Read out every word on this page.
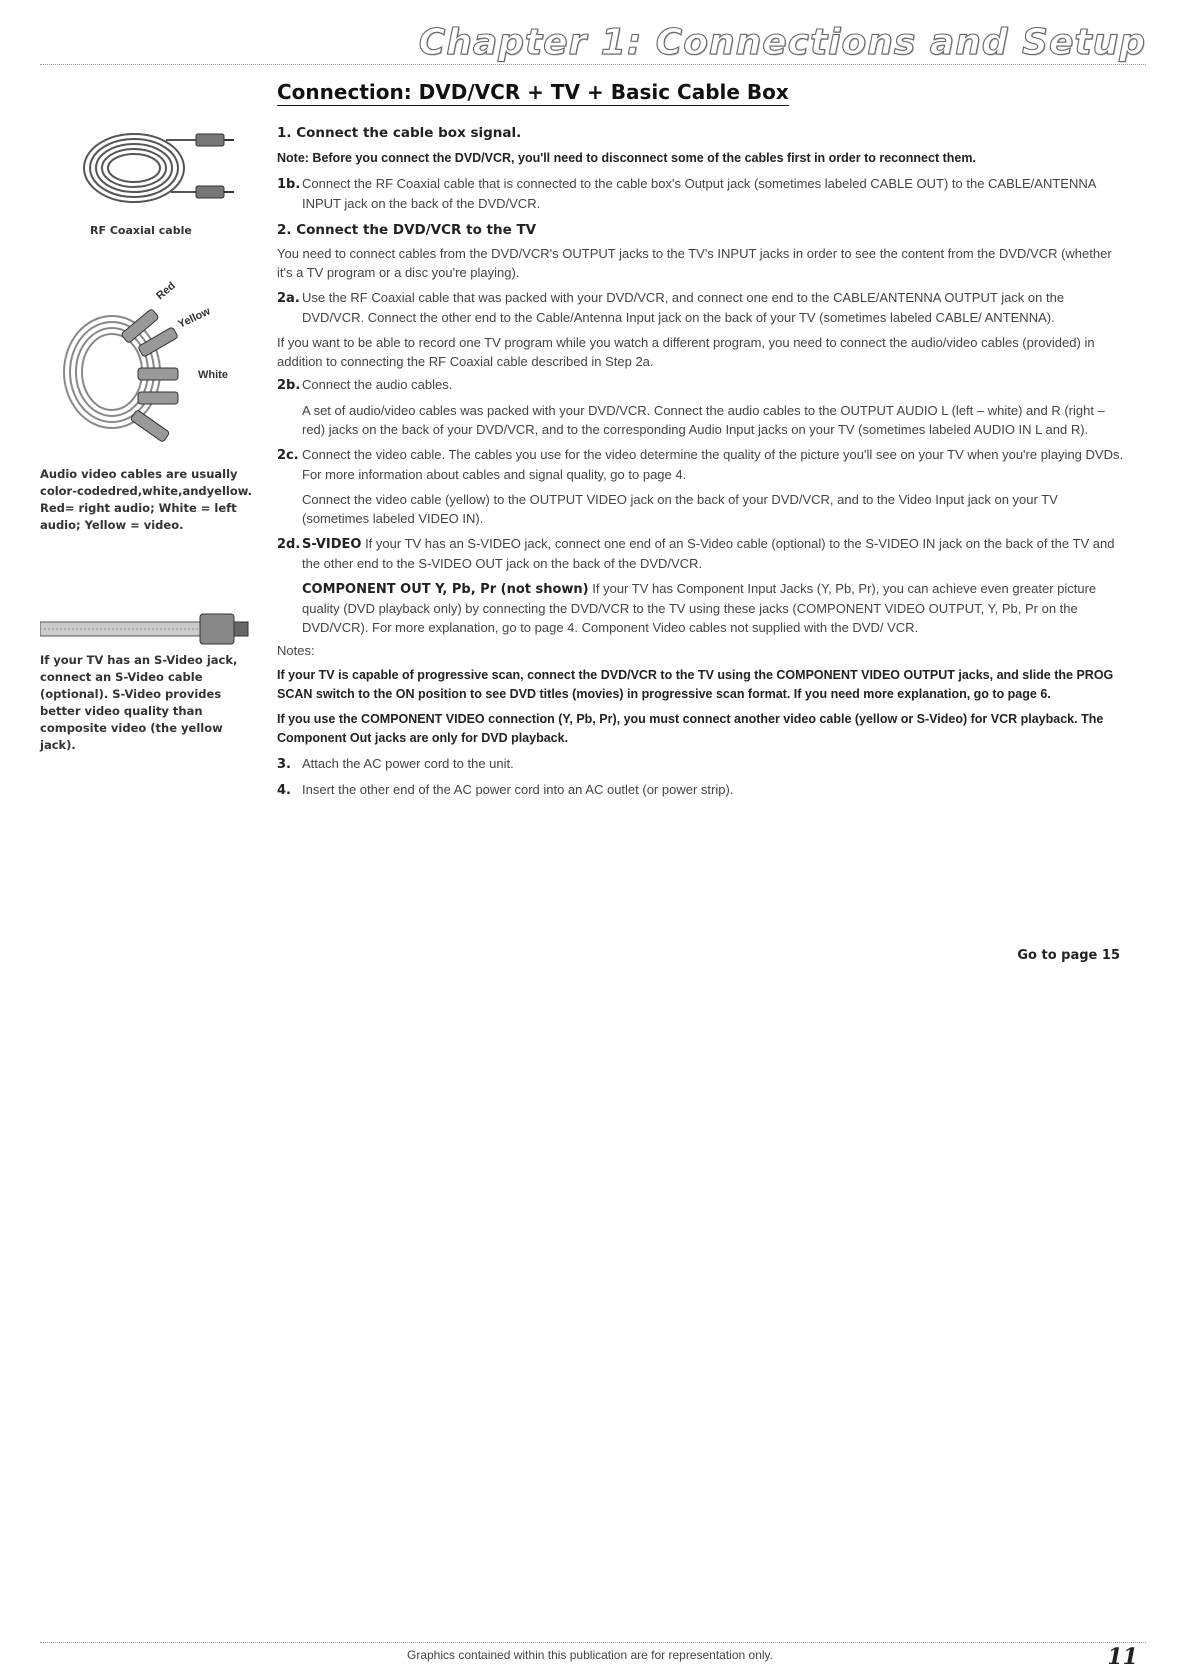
Chapter 1: Connections and Setup
Connection: DVD/VCR + TV + Basic Cable Box
RF Coaxial cable
Red
Yellow
White
Audio video cables are usually color-codedred,white,andyellow. Red= right audio; White = left audio; Yellow = video.
If your TV has an S-Video jack, connect an S-Video cable (optional). S-Video provides better video quality than composite video (the yellow jack).

1. Connect the cable box signal.

Note: Before you connect the DVD/VCR, you'll need to disconnect some of the cables first in order to reconnect them.

1b. Connect the RF Coaxial cable that is connected to the cable box's Output jack (sometimes labeled CABLE OUT) to the CABLE/ANTENNA INPUT jack on the back of the DVD/VCR.

2. Connect the DVD/VCR to the TV

You need to connect cables from the DVD/VCR's OUTPUT jacks to the TV's INPUT jacks in order to see the content from the DVD/VCR (whether it's a TV program or a disc you're playing).

2a. Use the RF Coaxial cable that was packed with your DVD/VCR, and connect one end to the CABLE/ANTENNA OUTPUT jack on the DVD/VCR. Connect the other end to the Cable/Antenna Input jack on the back of your TV (sometimes labeled CABLE/ ANTENNA).

If you want to be able to record one TV program while you watch a different program, you need to connect the audio/video cables (provided) in addition to connecting the RF Coaxial cable described in Step 2a.

2b. Connect the audio cables.

A set of audio/video cables was packed with your DVD/VCR. Connect the audio cables to the OUTPUT AUDIO L (left – white) and R (right – red) jacks on the back of your DVD/VCR, and to the corresponding Audio Input jacks on your TV (sometimes labeled AUDIO IN L and R).

2c. Connect the video cable. The cables you use for the video determine the quality of the picture you'll see on your TV when you're playing DVDs. For more information about cables and signal quality, go to page 4.

Connect the video cable (yellow) to the OUTPUT VIDEO jack on the back of your DVD/VCR, and to the Video Input jack on your TV (sometimes labeled VIDEO IN).

2d. S-VIDEO If your TV has an S-VIDEO jack, connect one end of an S-Video cable (optional) to the S-VIDEO IN jack on the back of the TV and the other end to the S-VIDEO OUT jack on the back of the DVD/VCR.

COMPONENT OUT Y, Pb, Pr (not shown) If your TV has Component Input Jacks (Y, Pb, Pr), you can achieve even greater picture quality (DVD playback only) by connecting the DVD/VCR to the TV using these jacks (COMPONENT VIDEO OUTPUT, Y, Pb, Pr on the DVD/VCR). For more explanation, go to page 4. Component Video cables not supplied with the DVD/ VCR.

Notes:

If your TV is capable of progressive scan, connect the DVD/VCR to the TV using the COMPONENT VIDEO OUTPUT jacks, and slide the PROG SCAN switch to the ON position to see DVD titles (movies) in progressive scan format. If you need more explanation, go to page 6.

If you use the COMPONENT VIDEO connection (Y, Pb, Pr), you must connect another video cable (yellow or S-Video) for VCR playback. The Component Out jacks are only for DVD playback.

3. Attach the AC power cord to the unit.

4. Insert the other end of the AC power cord into an AC outlet (or power strip).

Go to page 15
Graphics contained within this publication are for representation only.	11
